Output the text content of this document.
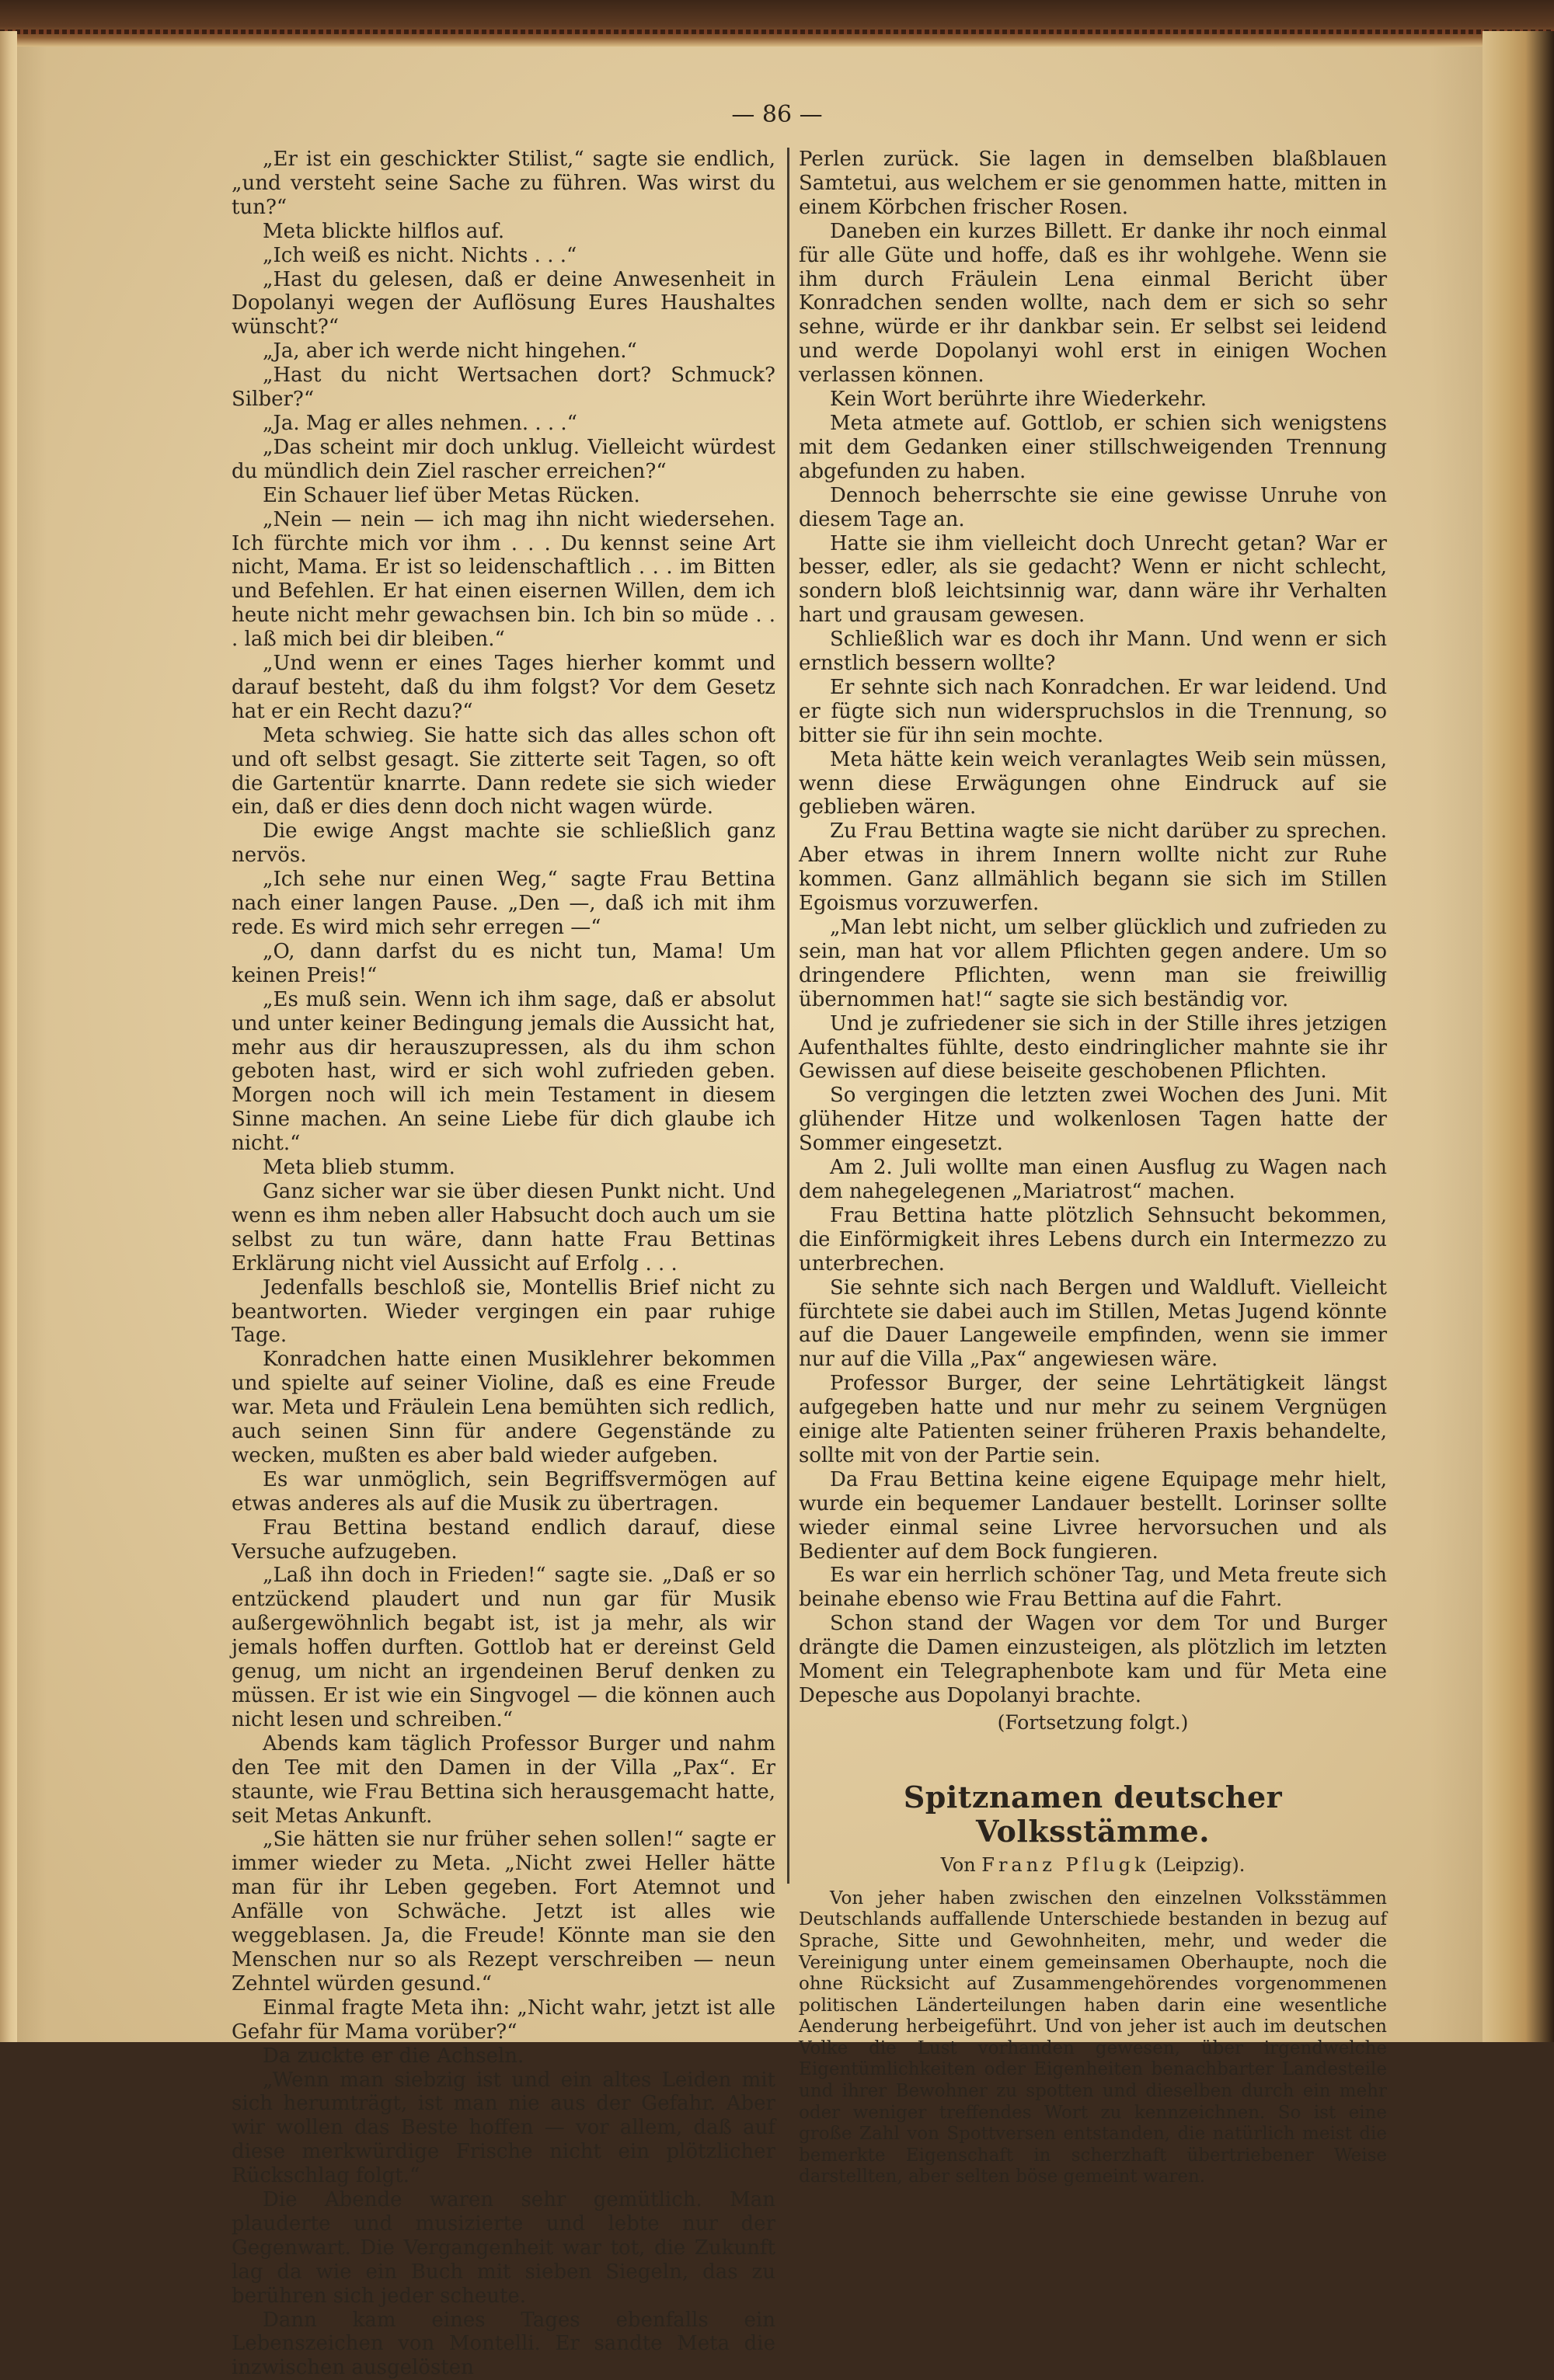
— 86 —

„Er ist ein geschickter Stilist,“ sagte sie endlich, „und versteht seine Sache zu führen. Was wirst du tun?“

Meta blickte hilflos auf.

„Ich weiß es nicht. Nichts . . .“

„Hast du gelesen, daß er deine Anwesenheit in Dopolanyi wegen der Auflösung Eures Haushaltes wünscht?“

„Ja, aber ich werde nicht hingehen.“

„Hast du nicht Wertsachen dort? Schmuck? Silber?“

„Ja. Mag er alles nehmen. . . .“

„Das scheint mir doch unklug. Vielleicht würdest du mündlich dein Ziel rascher erreichen?“

Ein Schauer lief über Metas Rücken.

„Nein — nein — ich mag ihn nicht wiedersehen. Ich fürchte mich vor ihm . . . Du kennst seine Art nicht, Mama. Er ist so leidenschaftlich . . . im Bitten und Befehlen. Er hat einen eisernen Willen, dem ich heute nicht mehr gewachsen bin. Ich bin so müde . . . laß mich bei dir bleiben.“

„Und wenn er eines Tages hierher kommt und darauf besteht, daß du ihm folgst? Vor dem Gesetz hat er ein Recht dazu?“

Meta schwieg. Sie hatte sich das alles schon oft und oft selbst gesagt. Sie zitterte seit Tagen, so oft die Gartentür knarrte. Dann redete sie sich wieder ein, daß er dies denn doch nicht wagen würde.

Die ewige Angst machte sie schließlich ganz nervös.

„Ich sehe nur einen Weg,“ sagte Frau Bettina nach einer langen Pause. „Den —, daß ich mit ihm rede. Es wird mich sehr erregen —“

„O, dann darfst du es nicht tun, Mama! Um keinen Preis!“

„Es muß sein. Wenn ich ihm sage, daß er absolut und unter keiner Bedingung jemals die Aussicht hat, mehr aus dir herauszupressen, als du ihm schon geboten hast, wird er sich wohl zufrieden geben. Morgen noch will ich mein Testament in diesem Sinne machen. An seine Liebe für dich glaube ich nicht.“

Meta blieb stumm.

Ganz sicher war sie über diesen Punkt nicht. Und wenn es ihm neben aller Habsucht doch auch um sie selbst zu tun wäre, dann hatte Frau Bettinas Erklärung nicht viel Aussicht auf Erfolg . . .

Jedenfalls beschloß sie, Montellis Brief nicht zu beantworten. Wieder vergingen ein paar ruhige Tage.

Konradchen hatte einen Musiklehrer bekommen und spielte auf seiner Violine, daß es eine Freude war. Meta und Fräulein Lena bemühten sich redlich, auch seinen Sinn für andere Gegenstände zu wecken, mußten es aber bald wieder aufgeben.

Es war unmöglich, sein Begriffsvermögen auf etwas anderes als auf die Musik zu übertragen.

Frau Bettina bestand endlich darauf, diese Versuche aufzugeben.

„Laß ihn doch in Frieden!“ sagte sie. „Daß er so entzückend plaudert und nun gar für Musik außergewöhnlich begabt ist, ist ja mehr, als wir jemals hoffen durften. Gottlob hat er dereinst Geld genug, um nicht an irgendeinen Beruf denken zu müssen. Er ist wie ein Singvogel — die können auch nicht lesen und schreiben.“

Abends kam täglich Professor Burger und nahm den Tee mit den Damen in der Villa „Pax“. Er staunte, wie Frau Bettina sich herausgemacht hatte, seit Metas Ankunft.

„Sie hätten sie nur früher sehen sollen!“ sagte er immer wieder zu Meta. „Nicht zwei Heller hätte man für ihr Leben gegeben. Fort Atemnot und Anfälle von Schwäche. Jetzt ist alles wie weggeblasen. Ja, die Freude! Könnte man sie den Menschen nur so als Rezept verschreiben — neun Zehntel würden gesund.“

Einmal fragte Meta ihn: „Nicht wahr, jetzt ist alle Gefahr für Mama vorüber?“

Da zuckte er die Achseln.

„Wenn man siebzig ist und ein altes Leiden mit sich herumträgt, ist man nie aus der Gefahr. Aber wir wollen das Beste hoffen — vor allem, daß auf diese merkwürdige Frische nicht ein plötzlicher Rückschlag folgt.“

Die Abende waren sehr gemütlich. Man plauderte und musizierte und lebte nur der Gegenwart. Die Vergangenheit war tot, die Zukunft lag da wie ein Buch mit sieben Siegeln, das zu berühren sich jeder scheute.

Dann kam eines Tages ebenfalls ein Lebenszeichen von Montelli. Er sandte Meta die inzwischen ausgelösten

Perlen zurück. Sie lagen in demselben blaßblauen Samtetui, aus welchem er sie genommen hatte, mitten in einem Körbchen frischer Rosen.

Daneben ein kurzes Billett. Er danke ihr noch einmal für alle Güte und hoffe, daß es ihr wohlgehe. Wenn sie ihm durch Fräulein Lena einmal Bericht über Konradchen senden wollte, nach dem er sich so sehr sehne, würde er ihr dankbar sein. Er selbst sei leidend und werde Dopolanyi wohl erst in einigen Wochen verlassen können.

Kein Wort berührte ihre Wiederkehr.

Meta atmete auf. Gottlob, er schien sich wenigstens mit dem Gedanken einer stillschweigenden Trennung abgefunden zu haben.

Dennoch beherrschte sie eine gewisse Unruhe von diesem Tage an.

Hatte sie ihm vielleicht doch Unrecht getan? War er besser, edler, als sie gedacht? Wenn er nicht schlecht, sondern bloß leichtsinnig war, dann wäre ihr Verhalten hart und grausam gewesen.

Schließlich war es doch ihr Mann. Und wenn er sich ernstlich bessern wollte?

Er sehnte sich nach Konradchen. Er war leidend. Und er fügte sich nun widerspruchslos in die Trennung, so bitter sie für ihn sein mochte.

Meta hätte kein weich veranlagtes Weib sein müssen, wenn diese Erwägungen ohne Eindruck auf sie geblieben wären.

Zu Frau Bettina wagte sie nicht darüber zu sprechen. Aber etwas in ihrem Innern wollte nicht zur Ruhe kommen. Ganz allmählich begann sie sich im Stillen Egoismus vorzuwerfen.

„Man lebt nicht, um selber glücklich und zufrieden zu sein, man hat vor allem Pflichten gegen andere. Um so dringendere Pflichten, wenn man sie freiwillig übernommen hat!“ sagte sie sich beständig vor.

Und je zufriedener sie sich in der Stille ihres jetzigen Aufenthaltes fühlte, desto eindringlicher mahnte sie ihr Gewissen auf diese beiseite geschobenen Pflichten.

So vergingen die letzten zwei Wochen des Juni. Mit glühender Hitze und wolkenlosen Tagen hatte der Sommer eingesetzt.

Am 2. Juli wollte man einen Ausflug zu Wagen nach dem nahegelegenen „Mariatrost“ machen.

Frau Bettina hatte plötzlich Sehnsucht bekommen, die Einförmigkeit ihres Lebens durch ein Intermezzo zu unterbrechen.

Sie sehnte sich nach Bergen und Waldluft. Vielleicht fürchtete sie dabei auch im Stillen, Metas Jugend könnte auf die Dauer Langeweile empfinden, wenn sie immer nur auf die Villa „Pax“ angewiesen wäre.

Professor Burger, der seine Lehrtätigkeit längst aufgegeben hatte und nur mehr zu seinem Vergnügen einige alte Patienten seiner früheren Praxis behandelte, sollte mit von der Partie sein.

Da Frau Bettina keine eigene Equipage mehr hielt, wurde ein bequemer Landauer bestellt. Lorinser sollte wieder einmal seine Livree hervorsuchen und als Bedienter auf dem Bock fungieren.

Es war ein herrlich schöner Tag, und Meta freute sich beinahe ebenso wie Frau Bettina auf die Fahrt.

Schon stand der Wagen vor dem Tor und Burger drängte die Damen einzusteigen, als plötzlich im letzten Moment ein Telegraphenbote kam und für Meta eine Depesche aus Dopolanyi brachte.

(Fortsetzung folgt.)
Spitznamen deutscher Volksstämme.
Von Franz Pflugk (Leipzig).

Von jeher haben zwischen den einzelnen Volksstämmen Deutschlands auffallende Unterschiede bestanden in bezug auf Sprache, Sitte und Gewohnheiten, mehr, und weder die Vereinigung unter einem gemeinsamen Oberhaupte, noch die ohne Rücksicht auf Zusammengehörendes vorgenommenen politischen Länderteilungen haben darin eine wesentliche Aenderung herbeigeführt. Und von jeher ist auch im deutschen Volke die Lust vorhanden gewesen, über irgendwelche Eigentümlichkeiten oder Eigenheiten benachbarter Landesteile und ihrer Bewohner zu spotten und dieselben durch ein mehr oder weniger treffendes Wort zu kennzeichnen. So ist eine große Zahl von Spottversen entstanden, die natürlich meist die bemerkte Eigenschaft in scherzhaft übertriebener Weise darstellten, aber selten böse gemeint waren.
